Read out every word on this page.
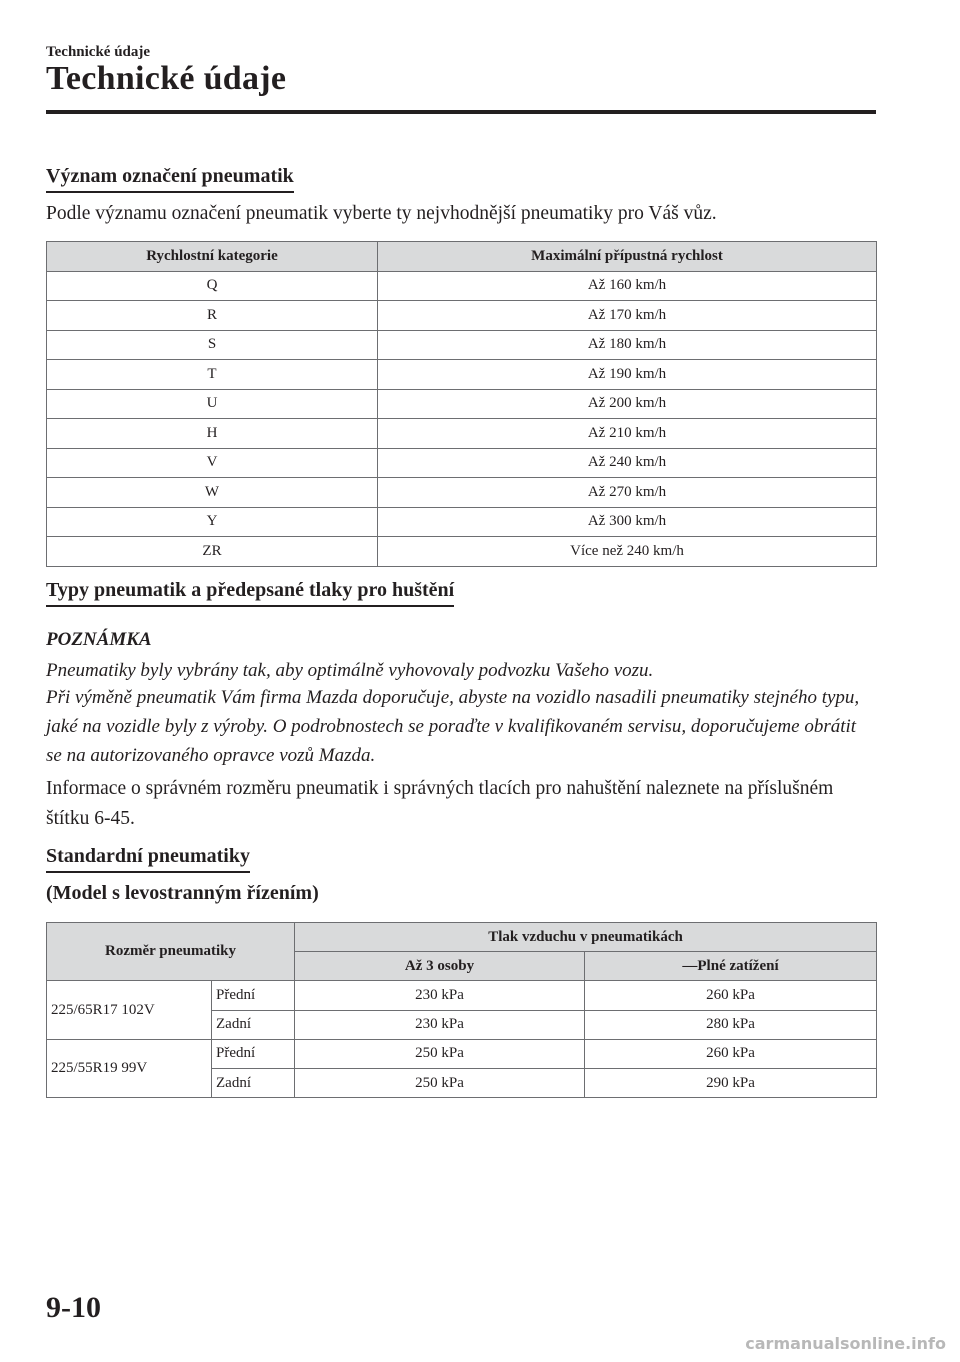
Technické údaje
Technické údaje
Význam označení pneumatik
Podle významu označení pneumatik vyberte ty nejvhodnější pneumatiky pro Váš vůz.
Rychlostní kategorie	Maximální přípustná rychlost
Q	Až 160 km/h
R	Až 170 km/h
S	Až 180 km/h
T	Až 190 km/h
U	Až 200 km/h
H	Až 210 km/h
V	Až 240 km/h
W	Až 270 km/h
Y	Až 300 km/h
ZR	Více než 240 km/h
Typy pneumatik a předepsané tlaky pro huštění
POZNÁMKA
Pneumatiky byly vybrány tak, aby optimálně vyhovovaly podvozku Vašeho vozu.
Při výměně pneumatik Vám firma Mazda doporučuje, abyste na vozidlo nasadili pneumatiky stejného typu, jaké na vozidle byly z výroby. O podrobnostech se poraďte v kvalifikovaném servisu, doporučujeme obrátit se na autorizovaného opravce vozů Mazda.
Informace o správném rozměru pneumatik i správných tlacích pro nahuštění naleznete na příslušném štítku 6-45.
Standardní pneumatiky
(Model s levostranným řízením)
Rozměr pneumatiky		Tlak vzduchu v pneumatikách	
		Až 3 osoby	—Plné zatížení
225/65R17 102V	Přední	230 kPa	260 kPa
	Zadní	230 kPa	280 kPa
225/55R19 99V	Přední	250 kPa	260 kPa
	Zadní	250 kPa	290 kPa
9-10
carmanualsonline.info
